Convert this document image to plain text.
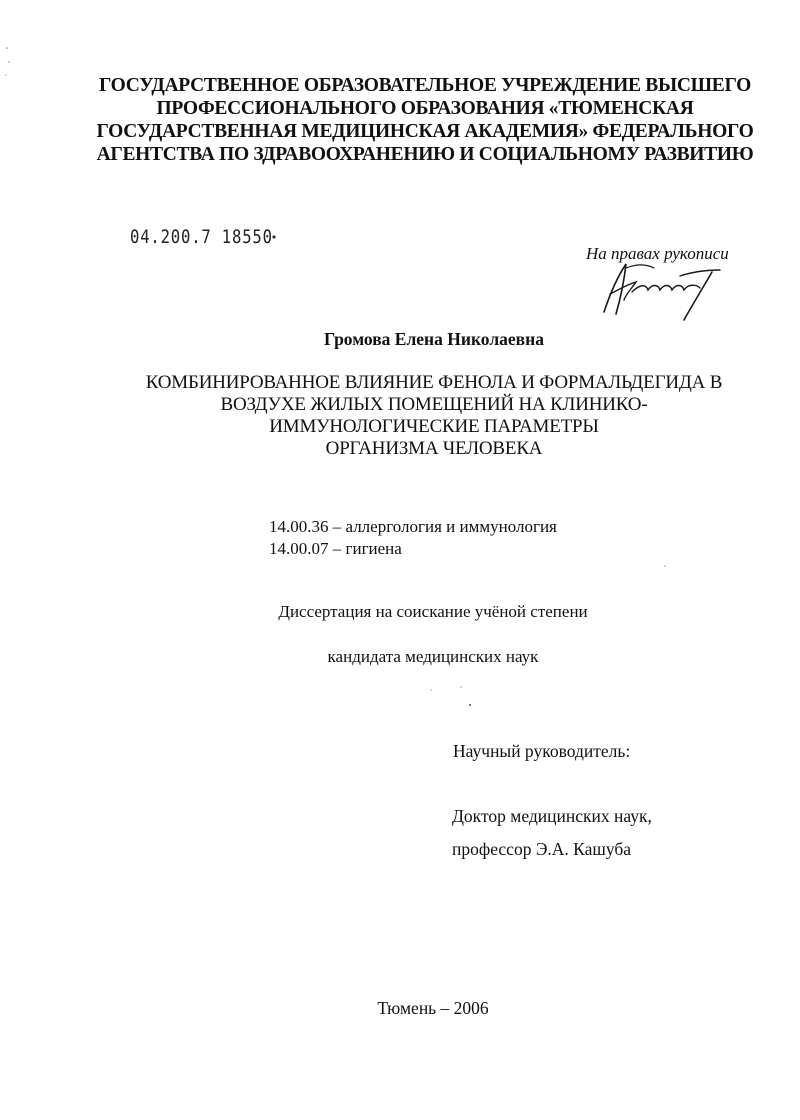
ГОСУДАРСТВЕННОЕ ОБРАЗОВАТЕЛЬНОЕ УЧРЕЖДЕНИЕ ВЫСШЕГО
ПРОФЕССИОНАЛЬНОГО ОБРАЗОВАНИЯ «ТЮМЕНСКАЯ
ГОСУДАРСТВЕННАЯ МЕДИЦИНСКАЯ АКАДЕМИЯ» ФЕДЕРАЛЬНОГО
АГЕНТСТВА ПО ЗДРАВООХРАНЕНИЮ И СОЦИАЛЬНОМУ РАЗВИТИЮ
04.200.7 18550
На правах рукописи
Громова Елена Николаевна
КОМБИНИРОВАННОЕ ВЛИЯНИЕ ФЕНОЛА И ФОРМАЛЬДЕГИДА В
ВОЗДУХЕ ЖИЛЫХ ПОМЕЩЕНИЙ НА КЛИНИКО-
ИММУНОЛОГИЧЕСКИЕ ПАРАМЕТРЫ
ОРГАНИЗМА ЧЕЛОВЕКА
14.00.36 – аллергология и иммунология
14.00.07 – гигиена
Диссертация на соискание учёной степени
кандидата медицинских наук
Научный руководитель:
Доктор медицинских наук,
профессор Э.А. Кашуба
Тюмень – 2006
